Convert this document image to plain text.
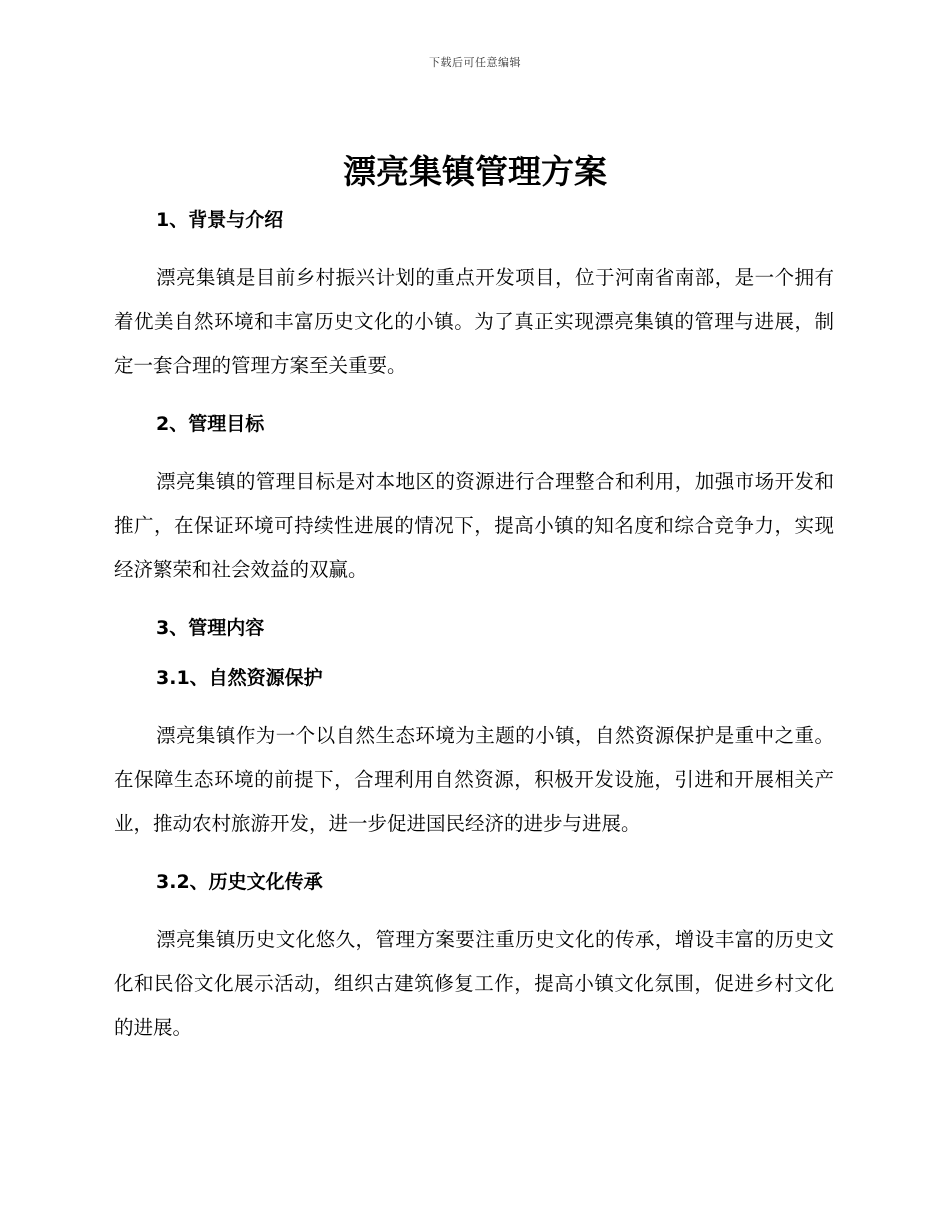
下载后可任意编辑
漂亮集镇管理方案
1、背景与介绍

漂亮集镇是目前乡村振兴计划的重点开发项目，位于河南省南部，是一个拥有着优美自然环境和丰富历史文化的小镇。为了真正实现漂亮集镇的管理与进展，制定一套合理的管理方案至关重要。

2、管理目标

漂亮集镇的管理目标是对本地区的资源进行合理整合和利用，加强市场开发和推广，在保证环境可持续性进展的情况下，提高小镇的知名度和综合竞争力，实现经济繁荣和社会效益的双赢。

3、管理内容
3.1、自然资源保护

漂亮集镇作为一个以自然生态环境为主题的小镇，自然资源保护是重中之重。在保障生态环境的前提下，合理利用自然资源，积极开发设施，引进和开展相关产业，推动农村旅游开发，进一步促进国民经济的进步与进展。

3.2、历史文化传承

漂亮集镇历史文化悠久，管理方案要注重历史文化的传承，增设丰富的历史文化和民俗文化展示活动，组织古建筑修复工作，提高小镇文化氛围，促进乡村文化的进展。
